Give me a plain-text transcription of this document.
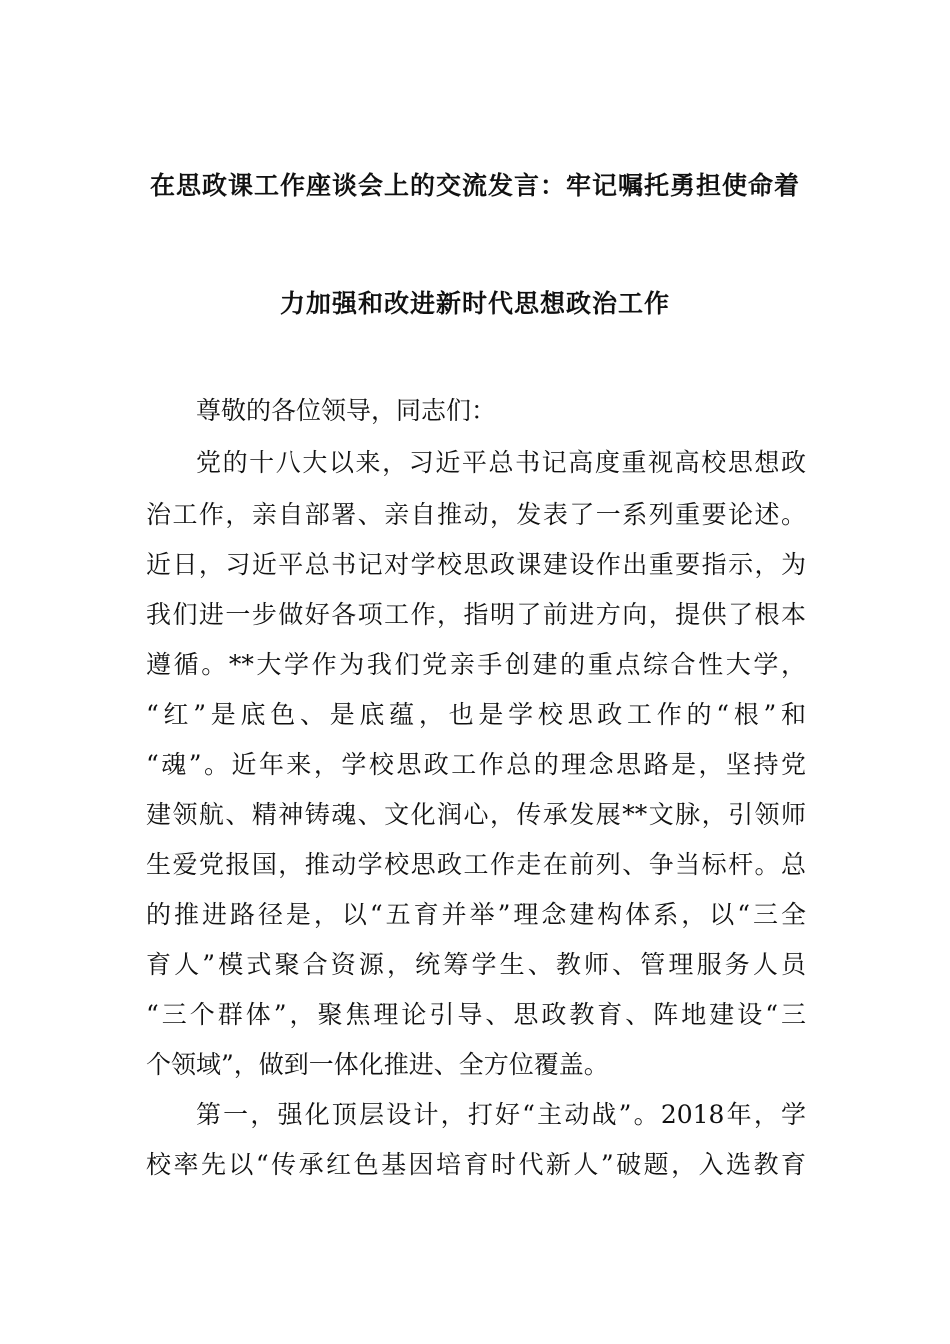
在思政课工作座谈会上的交流发言：牢记嘱托勇担使命着
力加强和改进新时代思想政治工作
尊敬的各位领导，同志们：
党的十八大以来，习近平总书记高度重视高校思想政
治工作，亲自部署、亲自推动，发表了一系列重要论述。
近日，习近平总书记对学校思政课建设作出重要指示，为
我们进一步做好各项工作，指明了前进方向，提供了根本
遵循。**大学作为我们党亲手创建的重点综合性大学，
“红”是底色、是底蕴，也是学校思政工作的“根”和
“魂”。近年来，学校思政工作总的理念思路是，坚持党
建领航、精神铸魂、文化润心，传承发展**文脉，引领师
生爱党报国，推动学校思政工作走在前列、争当标杆。总
的推进路径是，以“五育并举”理念建构体系，以“三全
育人”模式聚合资源，统筹学生、教师、管理服务人员
“三个群体”，聚焦理论引导、思政教育、阵地建设“三
个领域”，做到一体化推进、全方位覆盖。
第一，强化顶层设计，打好“主动战”。2018年，学
校率先以“传承红色基因培育时代新人”破题，入选教育
